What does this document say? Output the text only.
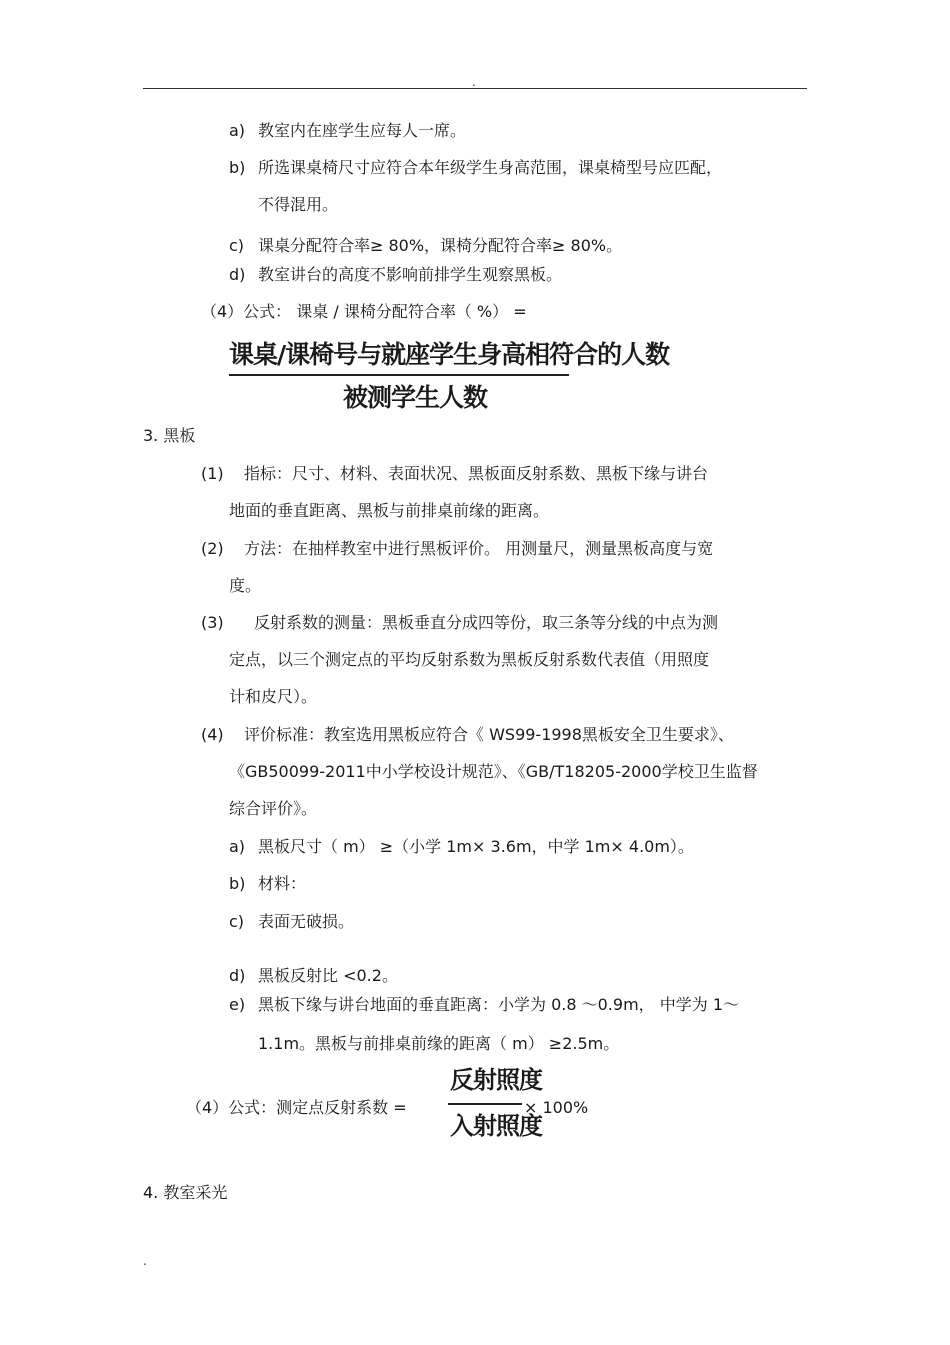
.
a) 教室内在座学生应每人一席。
b) 所选课桌椅尺寸应符合本年级学生身高范围，课桌椅型号应匹配，
不得混用。
c) 课桌分配符合率≥ 80%，课椅分配符合率≥ 80%。
d) 教室讲台的高度不影响前排学生观察黑板。
（4）公式： 课桌 / 课椅分配符合率（ %） =
课桌/课椅号与就座学生身高相符合的人数
被测学生人数
3. 黑板
(1) 指标：尺寸、材料、表面状况、黑板面反射系数、黑板下缘与讲台
地面的垂直距离、黑板与前排桌前缘的距离。
(2) 方法：在抽样教室中进行黑板评价。 用测量尺，测量黑板高度与宽
度。
(3) 反射系数的测量：黑板垂直分成四等份，取三条等分线的中点为测
定点，以三个测定点的平均反射系数为黑板反射系数代表值（用照度
计和皮尺）。
(4) 评价标准：教室选用黑板应符合《 WS99-1998黑板安全卫生要求》、
《GB50099-2011中小学校设计规范》、《GB/T18205-2000学校卫生监督
综合评价》。
a) 黑板尺寸（ m） ≥（小学 1m× 3.6m，中学 1m× 4.0m）。
b) 材料：
c) 表面无破损。
d) 黑板反射比 <0.2。
e) 黑板下缘与讲台地面的垂直距离：小学为 0.8 ～0.9m， 中学为 1～
1.1m。黑板与前排桌前缘的距离（ m） ≥2.5m。
（4）公式：测定点反射系数 =
反射照度
入射照度
× 100%
4. 教室采光
.
